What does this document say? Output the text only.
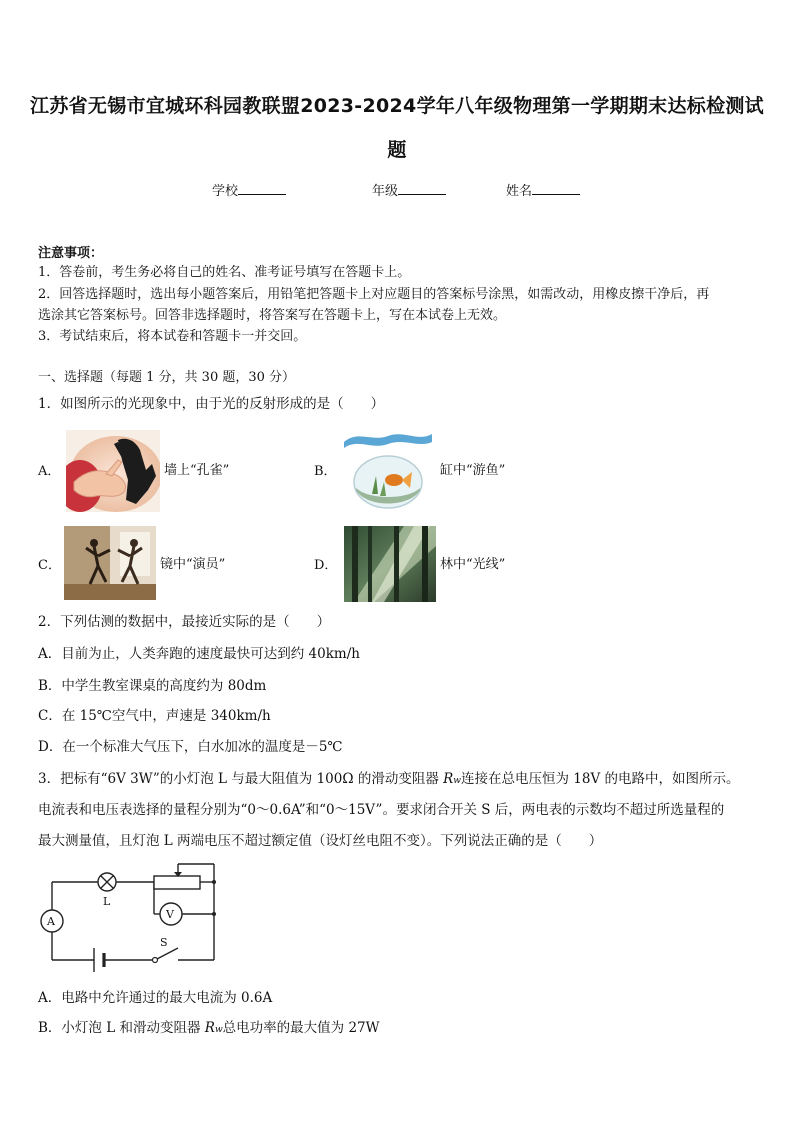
江苏省无锡市宜城环科园教联盟2023-2024学年八年级物理第一学期期末达标检测试
题
学校	年级	姓名
注意事项：
1．答卷前，考生务必将自己的姓名、准考证号填写在答题卡上。
2．回答选择题时，选出每小题答案后，用铅笔把答题卡上对应题目的答案标号涂黑，如需改动，用橡皮擦干净后，再
选涂其它答案标号。回答非选择题时，将答案写在答题卡上，写在本试卷上无效。
3．考试结束后，将本试卷和答题卡一并交回。
一、选择题（每题 1 分，共 30 题，30 分）
1．如图所示的光现象中，由于光的反射形成的是（　　）
A．	墙上“孔雀”	B．	缸中“游鱼”
C．	镜中“演员”	D．	林中“光线”
2．下列估测的数据中，最接近实际的是（　　）
A．目前为止，人类奔跑的速度最快可达到约 40km/h
B．中学生教室课桌的高度约为 80dm
C．在 15℃空气中，声速是 340km/h
D．在一个标准大气压下，白水加冰的温度是－5℃
3．把标有“6V 3W”的小灯泡 L 与最大阻值为 100Ω 的滑动变阻器 Rw连接在总电压恒为 18V 的电路中，如图所示。
电流表和电压表选择的量程分别为“0～0.6A”和“0～15V”。要求闭合开关 S 后，两电表的示数均不超过所选量程的
最大测量值，且灯泡 L 两端电压不超过额定值（设灯丝电阻不变）。下列说法正确的是（　　）
L
A
V
S
A．电路中允许通过的最大电流为 0.6A
B．小灯泡 L 和滑动变阻器 Rw总电功率的最大值为 27W
